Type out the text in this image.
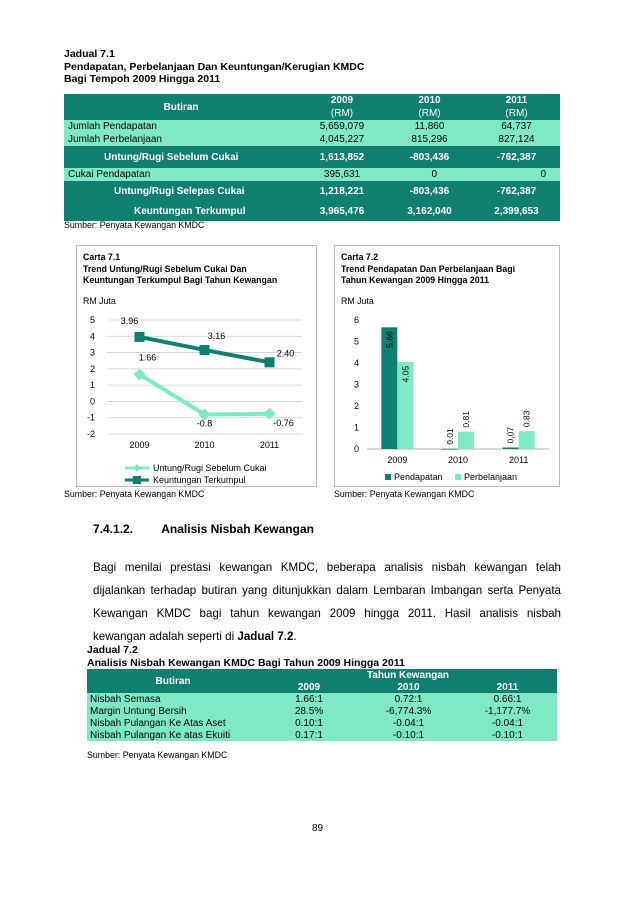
Jadual 7.1
Pendapatan, Perbelanjaan Dan Keuntungan/Kerugian KMDC
Bagi Tempoh 2009 Hingga 2011
Butiran	2009	2010	2011
	(RM)	(RM)	(RM)
Jumlah Pendapatan	5,659,079	11,860	64,737
Jumlah Perbelanjaan	4,045,227	815,296	827,124
Untung/Rugi Sebelum Cukai	1,613,852	-803,436	-762,387
Cukai Pendapatan	395,631	0	0
Untung/Rugi Selepas Cukai	1,218,221	-803,436	-762,387
Keuntungan Terkumpul	3,965,476	3,162,040	2,399,653
Sumber: Penyata Kewangan KMDC
Carta 7.1
Trend Untung/Rugi Sebelum Cukai Dan
Keuntungan Terkumpul Bagi Tahun Kewangan
RM Juta
5
4
3
2
1
0
-1
-2
2009	2010	2011
1.66
-0.8	-0.76
3.96
3.16
2.40
Untung/Rugi Sebelum Cukai
Keuntungan Terkumpul
Sumber: Penyata Kewangan KMDC
Carta 7.2
Trend Pendapatan Dan Perbelanjaan Bagi
Tahun Kewangan 2009 Hingga 2011
RM Juta
6
5
4
3
2
1
0
2009
5.66
4.05
2010
0.01
0.81
2011
0.07
0.83
Pendapatan Perbelanjaan
Sumber: Penyata Kewangan KMDC
7.4.1.2. Analisis Nisbah Kewangan
Bagi menilai prestasi kewangan KMDC, beberapa analisis nisbah kewangan telah
dijalankan terhadap butiran yang ditunjukkan dalam Lembaran Imbangan serta Penyata
Kewangan KMDC bagi tahun kewangan 2009 hingga 2011. Hasil analisis nisbah
kewangan adalah seperti di Jadual 7.2.
Jadual 7.2
Analisis Nisbah Kewangan KMDC Bagi Tahun 2009 Hingga 2011
Butiran	Tahun Kewangan		
	2009	2010	2011
Nisbah Semasa	1.66:1	0.72:1	0.66:1
Margin Untung Bersih	28.5%	-6,774.3%	-1,177.7%
Nisbah Pulangan Ke Atas Aset	0.10:1	-0.04:1	-0.04:1
Nisbah Pulangan Ke atas Ekuiti	0.17:1	-0.10:1	-0.10:1
Sumber: Penyata Kewangan KMDC
89
